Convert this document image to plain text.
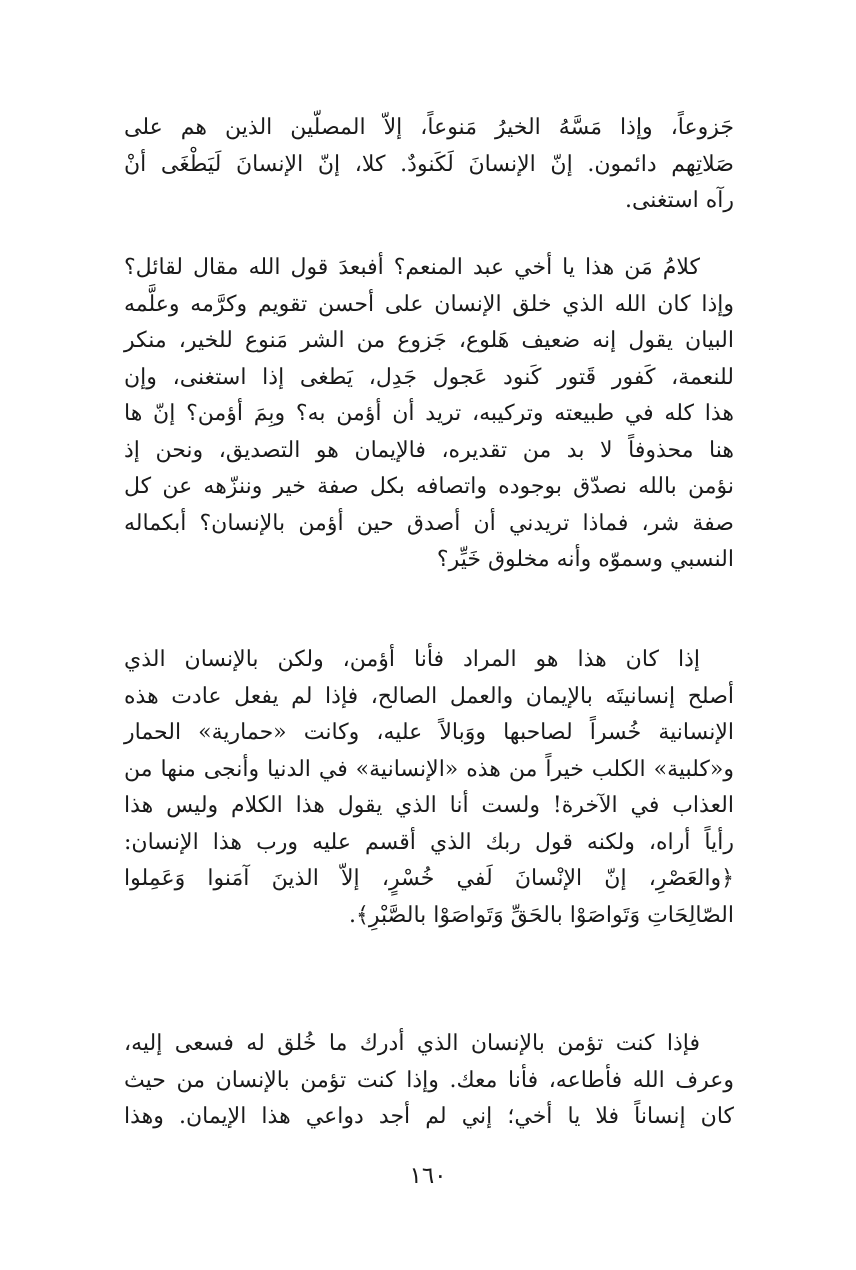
جَزوعاً، وإذا مَسَّهُ الخيرُ مَنوعاً، إلاّ المصلّين الذين هم على
صَلاتِهم دائمون. إنّ الإنسانَ لَكَنودٌ. كلا، إنّ الإنسانَ لَيَطْغَى أنْ
رآه استغنى.
كلامُ مَن هذا يا أخي عبد المنعم؟ أفبعدَ قول الله مقال لقائل؟
وإذا كان الله الذي خلق الإنسان على أحسن تقويم وكرَّمه وعلَّمه
البيان يقول إنه ضعيف هَلوع، جَزوع من الشر مَنوع للخير، منكر
للنعمة، كَفور قَتور كَنود عَجول جَدِل، يَطغى إذا استغنى، وإن
هذا كله في طبيعته وتركيبه، تريد أن أؤمن به؟ وبِمَ أؤمن؟ إنّ ها
هنا محذوفاً لا بد من تقديره، فالإيمان هو التصديق، ونحن إذ
نؤمن بالله نصدّق بوجوده واتصافه بكل صفة خير وننزّهه عن كل
صفة شر، فماذا تريدني أن أصدق حين أؤمن بالإنسان؟ أبكماله
النسبي وسموّه وأنه مخلوق خَيِّر؟
إذا كان هذا هو المراد فأنا أؤمن، ولكن بالإنسان الذي
أصلح إنسانيتَه بالإيمان والعمل الصالح، فإذا لم يفعل عادت هذه
الإنسانية خُسراً لصاحبها ووَبالاً عليه، وكانت «حمارية» الحمار
و«كلبية» الكلب خيراً من هذه «الإنسانية» في الدنيا وأنجى منها من
العذاب في الآخرة! ولست أنا الذي يقول هذا الكلام وليس هذا
رأياً أراه، ولكنه قول ربك الذي أقسم عليه ورب هذا الإنسان:
﴿والعَصْرِ، إنّ الإنْسانَ لَفي خُسْرٍ، إلاّ الذينَ آمَنوا وَعَمِلوا
الصّالِحَاتِ وَتَواصَوْا بالحَقِّ وَتَواصَوْا بالصَّبْرِ﴾.
فإذا كنت تؤمن بالإنسان الذي أدرك ما خُلق له فسعى إليه،
وعرف الله فأطاعه، فأنا معك. وإذا كنت تؤمن بالإنسان من حيث
كان إنساناً فلا يا أخي؛ إني لم أجد دواعي هذا الإيمان. وهذا
١٦٠
